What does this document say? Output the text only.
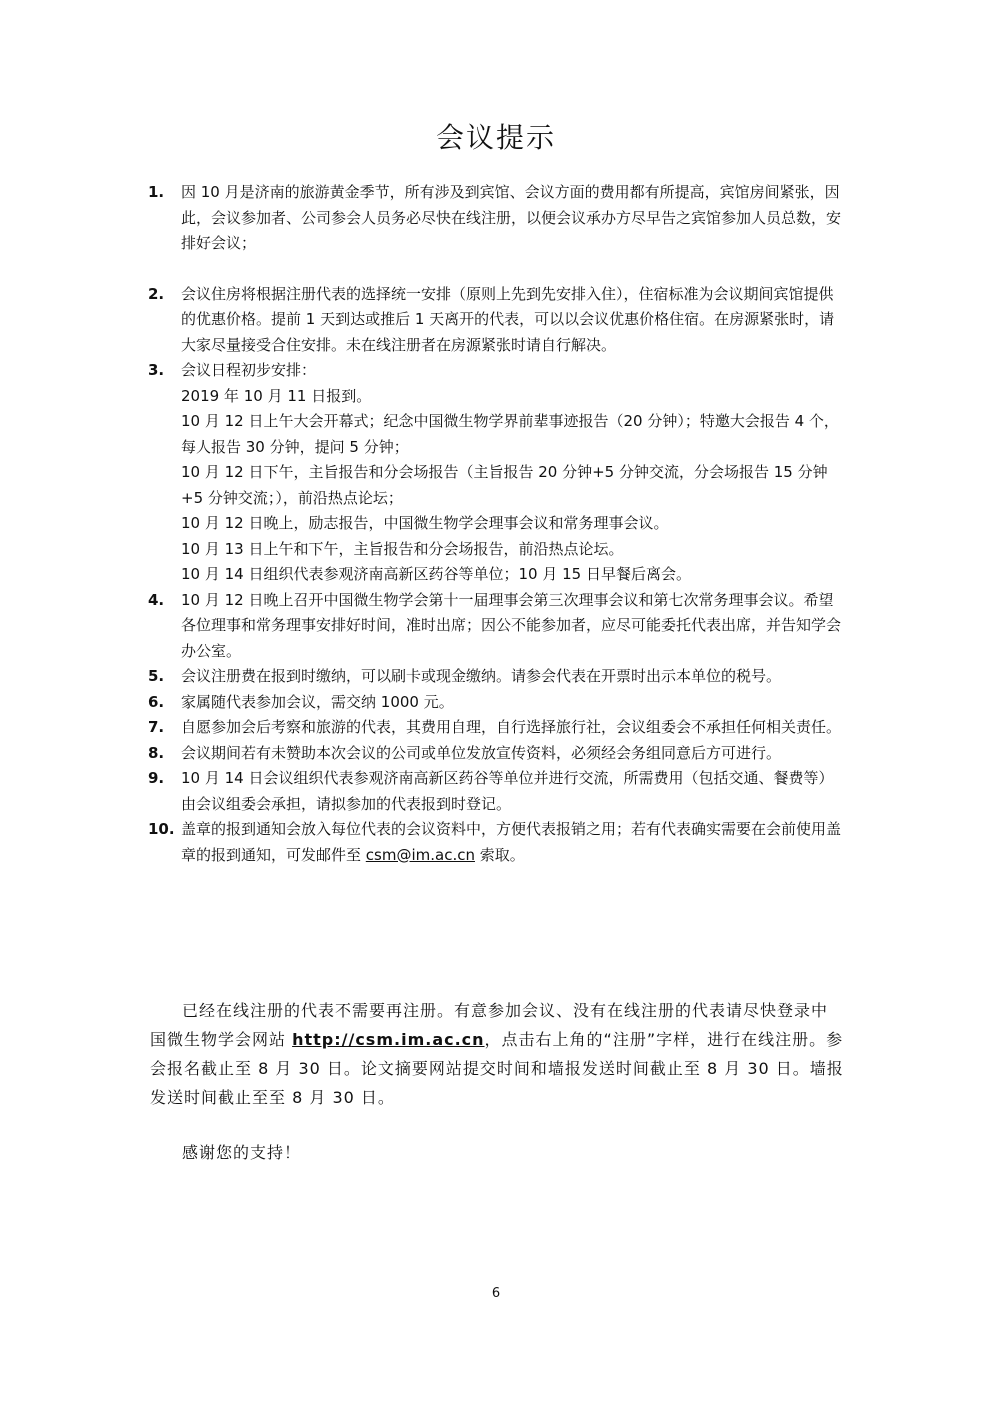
会议提示
1.	因 10 月是济南的旅游黄金季节，所有涉及到宾馆、会议方面的费用都有所提高，宾馆房间紧张，因此，会议参加者、公司参会人员务必尽快在线注册，以便会议承办方尽早告之宾馆参加人员总数，安排好会议；

2.	会议住房将根据注册代表的选择统一安排（原则上先到先安排入住），住宿标准为会议期间宾馆提供的优惠价格。提前 1 天到达或推后 1 天离开的代表，可以以会议优惠价格住宿。在房源紧张时，请大家尽量接受合住安排。未在线注册者在房源紧张时请自行解决。

3.	会议日程初步安排：

2019 年 10 月 11 日报到。

10 月 12 日上午大会开幕式；纪念中国微生物学界前辈事迹报告（20 分钟）；特邀大会报告 4 个，每人报告 30 分钟，提问 5 分钟；

10 月 12 日下午，主旨报告和分会场报告（主旨报告 20 分钟+5 分钟交流，分会场报告 15 分钟+5 分钟交流；），前沿热点论坛；

10 月 12 日晚上，励志报告，中国微生物学会理事会议和常务理事会议。

10 月 13 日上午和下午，主旨报告和分会场报告，前沿热点论坛。

10 月 14 日组织代表参观济南高新区药谷等单位；10 月 15 日早餐后离会。

4.	10 月 12 日晚上召开中国微生物学会第十一届理事会第三次理事会议和第七次常务理事会议。希望各位理事和常务理事安排好时间，准时出席；因公不能参加者，应尽可能委托代表出席，并告知学会办公室。

5.	会议注册费在报到时缴纳，可以刷卡或现金缴纳。请参会代表在开票时出示本单位的税号。

6.	家属随代表参加会议，需交纳 1000 元。

7.	自愿参加会后考察和旅游的代表，其费用自理，自行选择旅行社，会议组委会不承担任何相关责任。

8.	会议期间若有未赞助本次会议的公司或单位发放宣传资料，必须经会务组同意后方可进行。

9.	10 月 14 日会议组织代表参观济南高新区药谷等单位并进行交流，所需费用（包括交通、餐费等）由会议组委会承担，请拟参加的代表报到时登记。

10. 盖章的报到通知会放入每位代表的会议资料中，方便代表报销之用；若有代表确实需要在会前使用盖章的报到通知，可发邮件至 csm@im.ac.cn 索取。

已经在线注册的代表不需要再注册。有意参加会议、没有在线注册的代表请尽快登录中国微生物学会网站 http://csm.im.ac.cn，点击右上角的“注册”字样，进行在线注册。参会报名截止至 8 月 30 日。论文摘要网站提交时间和墙报发送时间截止至 8 月 30 日。墙报发送时间截止至至 8 月 30 日。

感谢您的支持！

6
